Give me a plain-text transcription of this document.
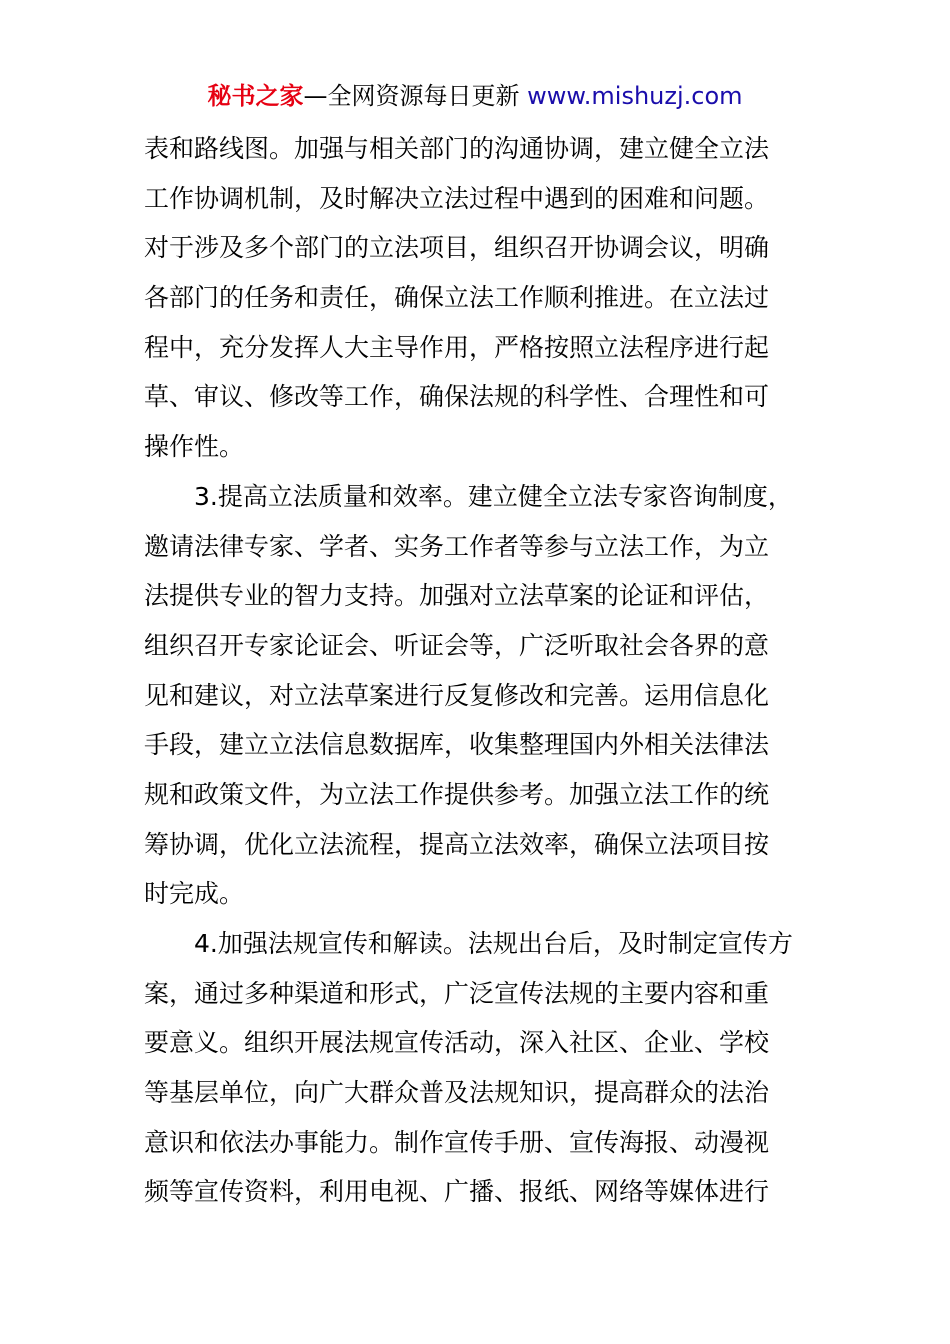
秘书之家—全网资源每日更新 www.mishuzj.com
表和路线图。加强与相关部门的沟通协调，建立健全立法
工作协调机制，及时解决立法过程中遇到的困难和问题。
对于涉及多个部门的立法项目，组织召开协调会议，明确
各部门的任务和责任，确保立法工作顺利推进。在立法过
程中，充分发挥人大主导作用，严格按照立法程序进行起
草、审议、修改等工作，确保法规的科学性、合理性和可
操作性。
3.提高立法质量和效率。建立健全立法专家咨询制度，
邀请法律专家、学者、实务工作者等参与立法工作，为立
法提供专业的智力支持。加强对立法草案的论证和评估，
组织召开专家论证会、听证会等，广泛听取社会各界的意
见和建议，对立法草案进行反复修改和完善。运用信息化
手段，建立立法信息数据库，收集整理国内外相关法律法
规和政策文件，为立法工作提供参考。加强立法工作的统
筹协调，优化立法流程，提高立法效率，确保立法项目按
时完成。
4.加强法规宣传和解读。法规出台后，及时制定宣传方
案，通过多种渠道和形式，广泛宣传法规的主要内容和重
要意义。组织开展法规宣传活动，深入社区、企业、学校
等基层单位，向广大群众普及法规知识，提高群众的法治
意识和依法办事能力。制作宣传手册、宣传海报、动漫视
频等宣传资料，利用电视、广播、报纸、网络等媒体进行
